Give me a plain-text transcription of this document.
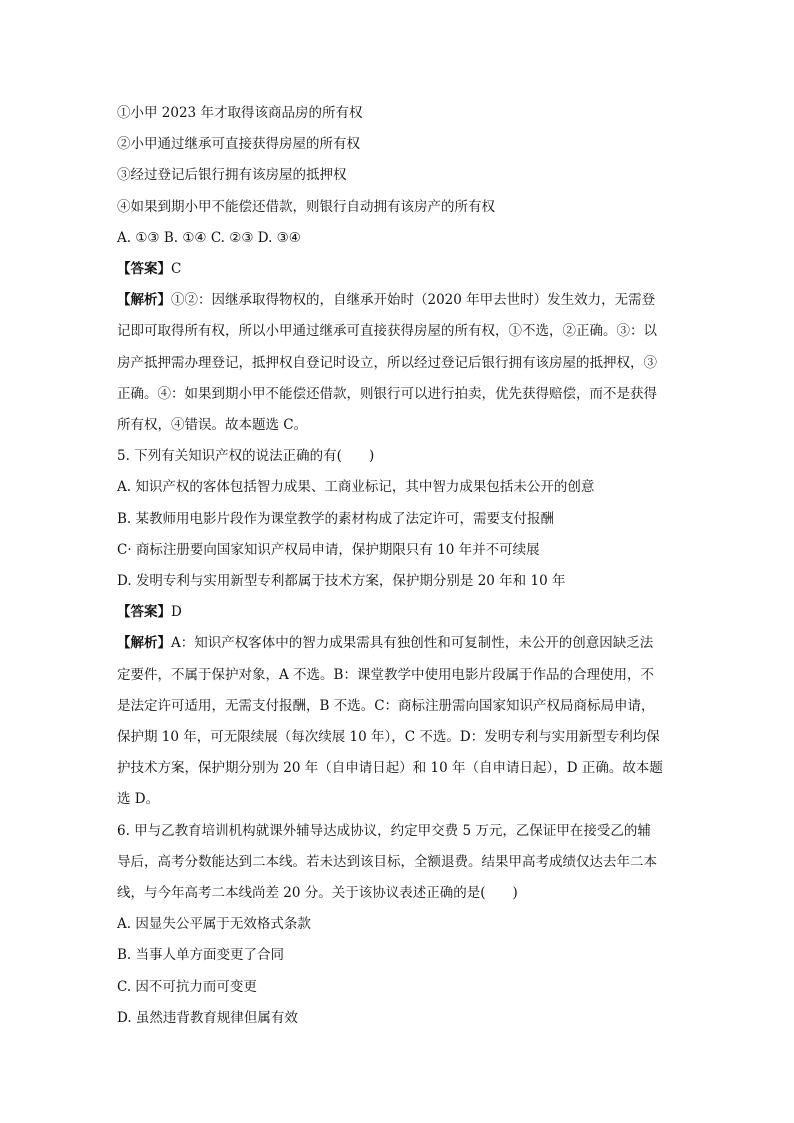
①小甲 2023 年才取得该商品房的所有权

②小甲通过继承可直接获得房屋的所有权

③经过登记后银行拥有该房屋的抵押权

④如果到期小甲不能偿还借款，则银行自动拥有该房产的所有权

A. ①③ B. ①④ C. ②③ D. ③④

【答案】C

【解析】①②：因继承取得物权的，自继承开始时（2020 年甲去世时）发生效力，无需登

记即可取得所有权，所以小甲通过继承可直接获得房屋的所有权，①不选，②正确。③：以

房产抵押需办理登记，抵押权自登记时设立，所以经过登记后银行拥有该房屋的抵押权，③

正确。④：如果到期小甲不能偿还借款，则银行可以进行拍卖，优先获得赔偿，而不是获得

所有权，④错误。故本题选 C。

5. 下列有关知识产权的说法正确的有(　　)

A. 知识产权的客体包括智力成果、工商业标记，其中智力成果包括未公开的创意

B. 某教师用电影片段作为课堂教学的素材构成了法定许可，需要支付报酬

C· 商标注册要向国家知识产权局申请，保护期限只有 10 年并不可续展

D. 发明专利与实用新型专利都属于技术方案，保护期分别是 20 年和 10 年

【答案】D

【解析】A：知识产权客体中的智力成果需具有独创性和可复制性，未公开的创意因缺乏法

定要件，不属于保护对象，A 不选。B：课堂教学中使用电影片段属于作品的合理使用，不

是法定许可适用，无需支付报酬，B 不选。C：商标注册需向国家知识产权局商标局申请，

保护期 10 年，可无限续展（每次续展 10 年），C 不选。D：发明专利与实用新型专利均保

护技术方案，保护期分别为 20 年（自申请日起）和 10 年（自申请日起），D 正确。故本题

选 D。

6. 甲与乙教育培训机构就课外辅导达成协议，约定甲交费 5 万元，乙保证甲在接受乙的辅

导后，高考分数能达到二本线。若未达到该目标，全额退费。结果甲高考成绩仅达去年二本

线，与今年高考二本线尚差 20 分。关于该协议表述正确的是(　　)

A. 因显失公平属于无效格式条款

B. 当事人单方面变更了合同

C. 因不可抗力而可变更

D. 虽然违背教育规律但属有效
